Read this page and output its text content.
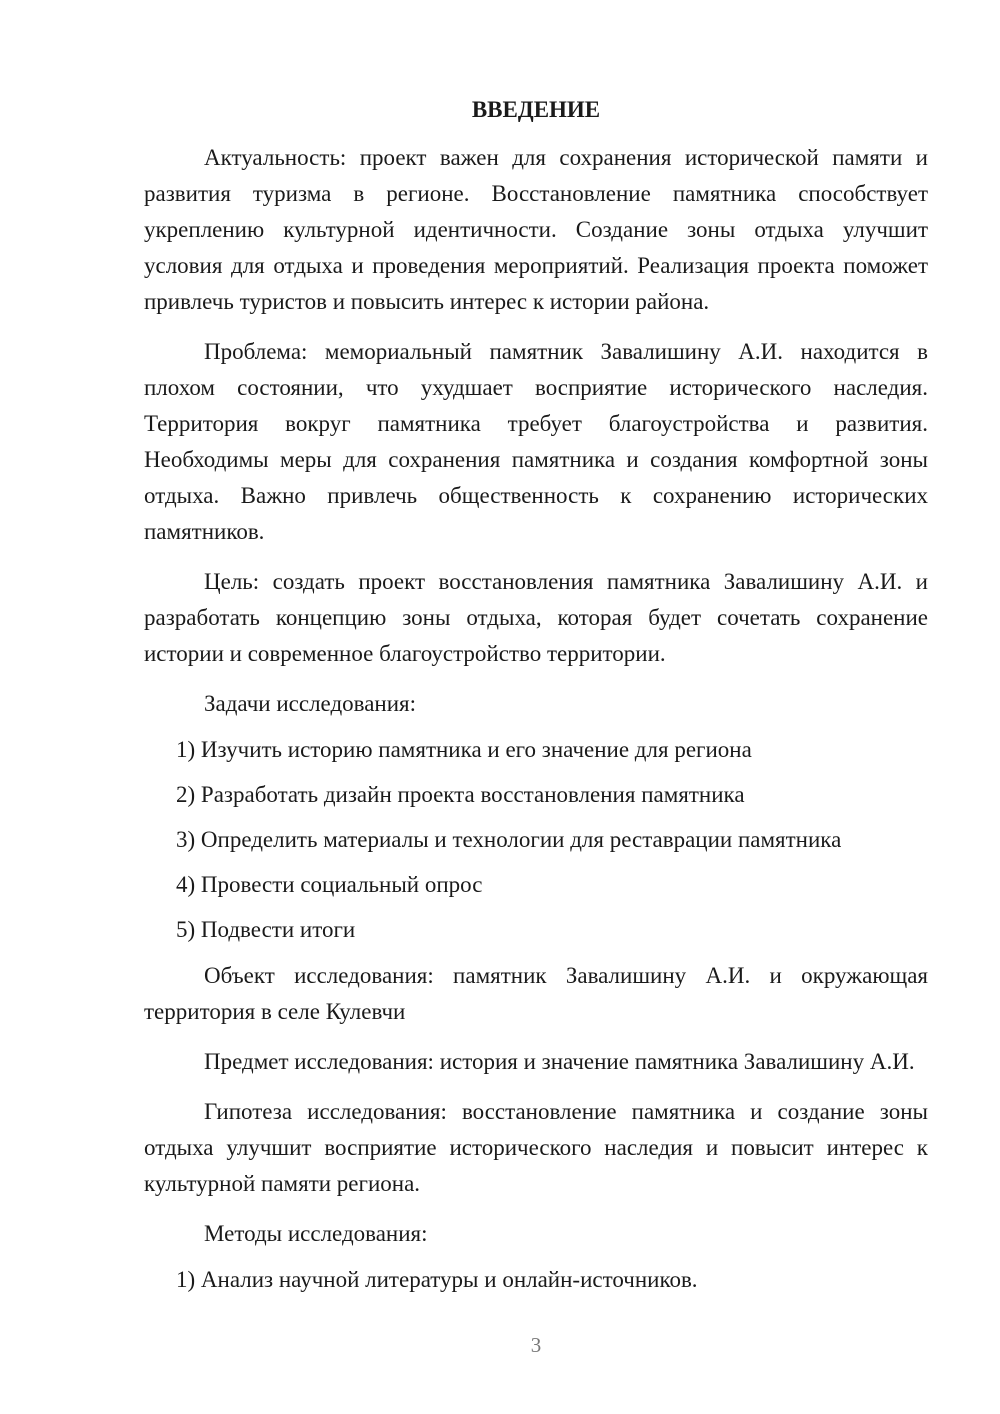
ВВЕДЕНИЕ

Актуальность: проект важен для сохранения исторической памяти и развития туризма в регионе. Восстановление памятника способствует укреплению культурной идентичности. Создание зоны отдыха улучшит условия для отдыха и проведения мероприятий. Реализация проекта поможет привлечь туристов и повысить интерес к истории района.

Проблема: мемориальный памятник Завалишину А.И. находится в плохом состоянии, что ухудшает восприятие исторического наследия. Территория вокруг памятника требует благоустройства и развития. Необходимы меры для сохранения памятника и создания комфортной зоны отдыха. Важно привлечь общественность к сохранению исторических памятников.

Цель: создать проект восстановления памятника Завалишину А.И. и разработать концепцию зоны отдыха, которая будет сочетать сохранение истории и современное благоустройство территории.

Задачи исследования:
1) Изучить историю памятника и его значение для региона
2) Разработать дизайн проекта восстановления памятника
3) Определить материалы и технологии для реставрации памятника
4) Провести социальный опрос
5) Подвести итоги

Объект исследования: памятник Завалишину А.И. и окружающая территория в селе Кулевчи

Предмет исследования: история и значение памятника Завалишину А.И.

Гипотеза исследования: восстановление памятника и создание зоны отдыха улучшит восприятие исторического наследия и повысит интерес к культурной памяти региона.

Методы исследования:
1) Анализ научной литературы и онлайн-источников.
3
